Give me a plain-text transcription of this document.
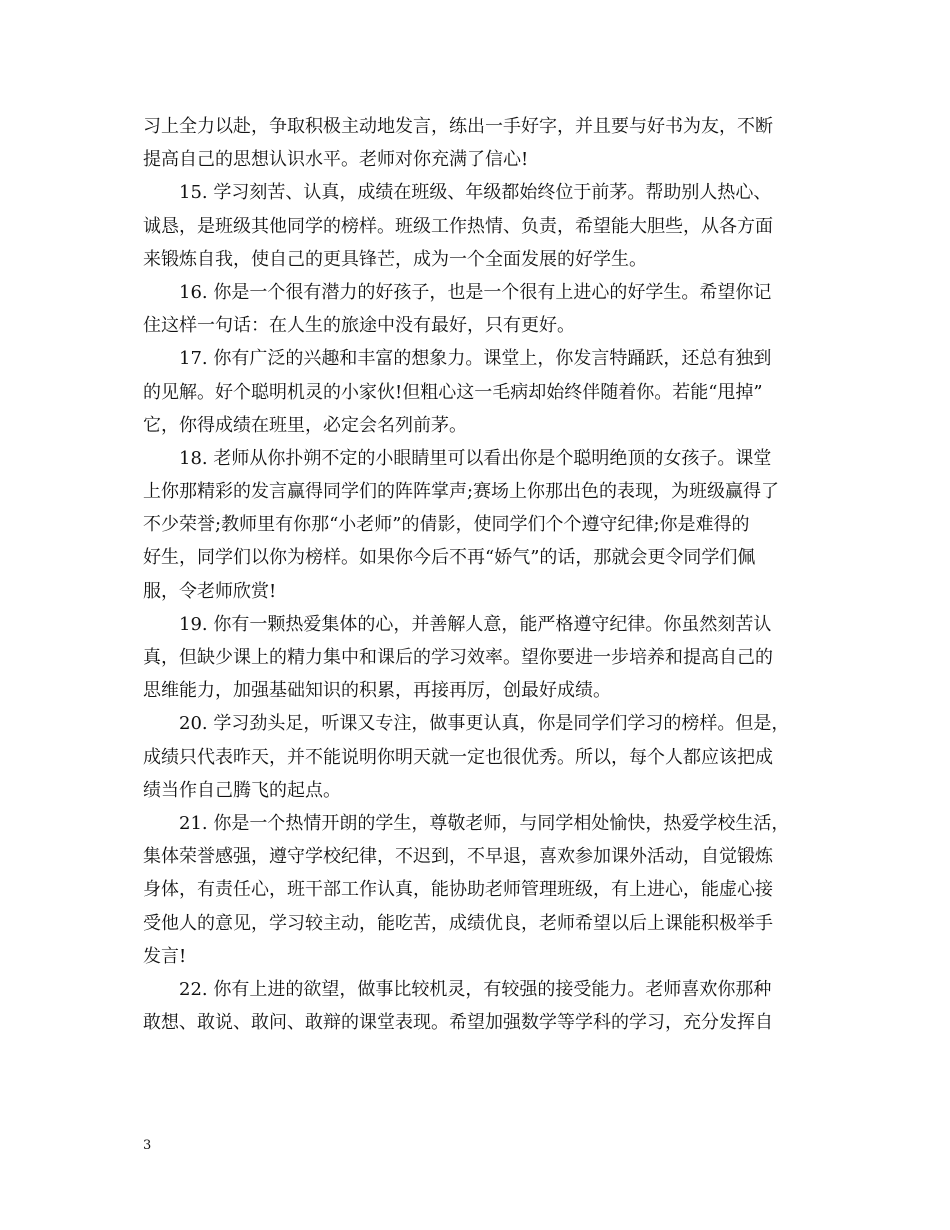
习上全力以赴，争取积极主动地发言，练出一手好字，并且要与好书为友，不断
提高自己的思想认识水平。老师对你充满了信心!
15. 学习刻苦、认真，成绩在班级、年级都始终位于前茅。帮助别人热心、
诚恳，是班级其他同学的榜样。班级工作热情、负责，希望能大胆些，从各方面
来锻炼自我，使自己的更具锋芒，成为一个全面发展的好学生。
16. 你是一个很有潜力的好孩子，也是一个很有上进心的好学生。希望你记
住这样一句话：在人生的旅途中没有最好，只有更好。
17. 你有广泛的兴趣和丰富的想象力。课堂上，你发言特踊跃，还总有独到
的见解。好个聪明机灵的小家伙!但粗心这一毛病却始终伴随着你。若能“甩掉”
它，你得成绩在班里，必定会名列前茅。
18. 老师从你扑朔不定的小眼睛里可以看出你是个聪明绝顶的女孩子。课堂
上你那精彩的发言赢得同学们的阵阵掌声;赛场上你那出色的表现，为班级赢得了
不少荣誉;教师里有你那“小老师”的倩影，使同学们个个遵守纪律;你是难得的
好生，同学们以你为榜样。如果你今后不再“娇气”的话，那就会更令同学们佩
服，令老师欣赏!
19. 你有一颗热爱集体的心，并善解人意，能严格遵守纪律。你虽然刻苦认
真，但缺少课上的精力集中和课后的学习效率。望你要进一步培养和提高自己的
思维能力，加强基础知识的积累，再接再厉，创最好成绩。
20. 学习劲头足，听课又专注，做事更认真，你是同学们学习的榜样。但是，
成绩只代表昨天，并不能说明你明天就一定也很优秀。所以，每个人都应该把成
绩当作自己腾飞的起点。
21. 你是一个热情开朗的学生，尊敬老师，与同学相处愉快，热爱学校生活，
集体荣誉感强，遵守学校纪律，不迟到，不早退，喜欢参加课外活动，自觉锻炼
身体，有责任心，班干部工作认真，能协助老师管理班级，有上进心，能虚心接
受他人的意见，学习较主动，能吃苦，成绩优良，老师希望以后上课能积极举手
发言!
22. 你有上进的欲望，做事比较机灵，有较强的接受能力。老师喜欢你那种
敢想、敢说、敢问、敢辩的课堂表现。希望加强数学等学科的学习，充分发挥自
3
